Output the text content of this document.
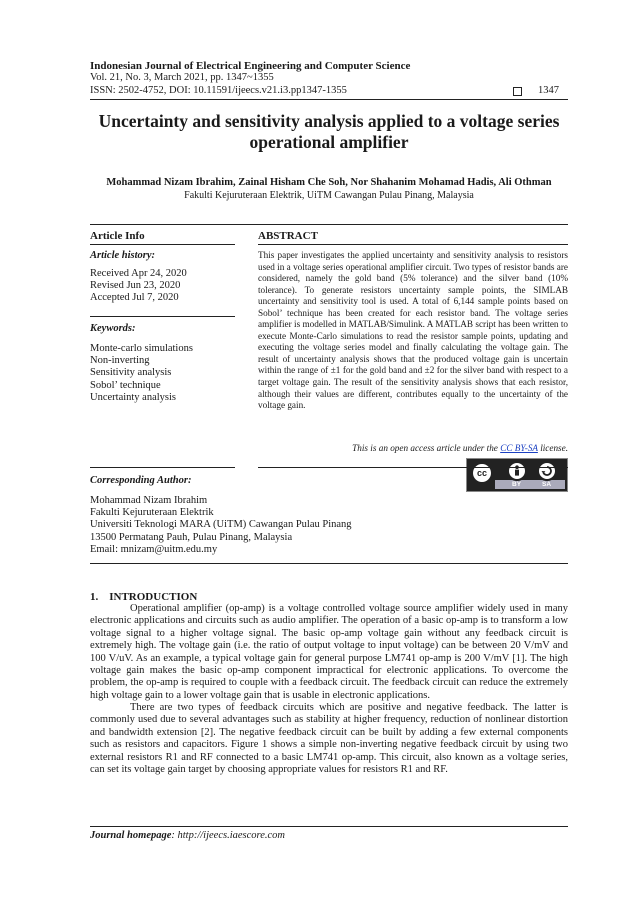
Indonesian Journal of Electrical Engineering and Computer Science
Vol. 21, No. 3, March 2021, pp. 1347~1355
ISSN: 2502-4752, DOI: 10.11591/ijeecs.v21.i3.pp1347-1355	1347
Uncertainty and sensitivity analysis applied to a voltage series operational amplifier
Mohammad Nizam Ibrahim, Zainal Hisham Che Soh, Nor Shahanim Mohamad Hadis, Ali Othman
Fakulti Kejuruteraan Elektrik, UiTM Cawangan Pulau Pinang, Malaysia
Article Info	ABSTRACT
Article history:
Received Apr 24, 2020
Revised Jun 23, 2020
Accepted Jul 7, 2020
Keywords:
Monte-carlo simulations
Non-inverting
Sensitivity analysis
Sobol’ technique
Uncertainty analysis
This paper investigates the applied uncertainty and sensitivity analysis to resistors used in a voltage series operational amplifier circuit. Two types of resistor bands are considered, namely the gold band (5% tolerance) and the silver band (10% tolerance). To generate resistors uncertainty sample points, the SIMLAB uncertainty and sensitivity tool is used. A total of 6,144 sample points based on Sobol’ technique has been created for each resistor band. The voltage series amplifier is modelled in MATLAB/Simulink. A MATLAB script has been written to execute Monte-Carlo simulations to read the resistor sample points, updating and executing the voltage series model and finally calculating the voltage gain. The result of uncertainty analysis shows that the produced voltage gain is uncertain within the range of ±1 for the gold band and ±2 for the silver band with respect to a target voltage gain. The result of the sensitivity analysis shows that each resistor, although their values are different, contributes equally to the uncertainty of the voltage gain.
This is an open access article under the CC BY-SA license.
cc
BY	SA
Corresponding Author:
Mohammad Nizam Ibrahim
Fakulti Kejuruteraan Elektrik
Universiti Teknologi MARA (UiTM) Cawangan Pulau Pinang
13500 Permatang Pauh, Pulau Pinang, Malaysia
Email: mnizam@uitm.edu.my
1.    INTRODUCTION
Operational amplifier (op-amp) is a voltage controlled voltage source amplifier widely used in many electronic applications and circuits such as audio amplifier. The operation of a basic op-amp is to transform a low voltage signal to a higher voltage signal. The basic op-amp voltage gain without any feedback circuit is extremely high. The voltage gain (i.e. the ratio of output voltage to input voltage) can be between 20 V/mV and 100 V/uV. As an example, a typical voltage gain for general purpose LM741 op-amp is 200 V/mV [1]. The high voltage gain makes the basic op-amp component impractical for electronic applications. To overcome the problem, the op-amp is required to couple with a feedback circuit. The feedback circuit can reduce the extremely high voltage gain to a lower voltage gain that is usable in electronic applications.
There are two types of feedback circuits which are positive and negative feedback. The latter is commonly used due to several advantages such as stability at higher frequency, reduction of nonlinear distortion and bandwidth extension [2]. The negative feedback circuit can be built by adding a few external components such as resistors and capacitors. Figure 1 shows a simple non-inverting negative feedback circuit by using two external resistors R1 and RF connected to a basic LM741 op-amp. This circuit, also known as a voltage series, can set its voltage gain target by choosing appropriate values for resistors R1 and RF.
Journal homepage: http://ijeecs.iaescore.com
